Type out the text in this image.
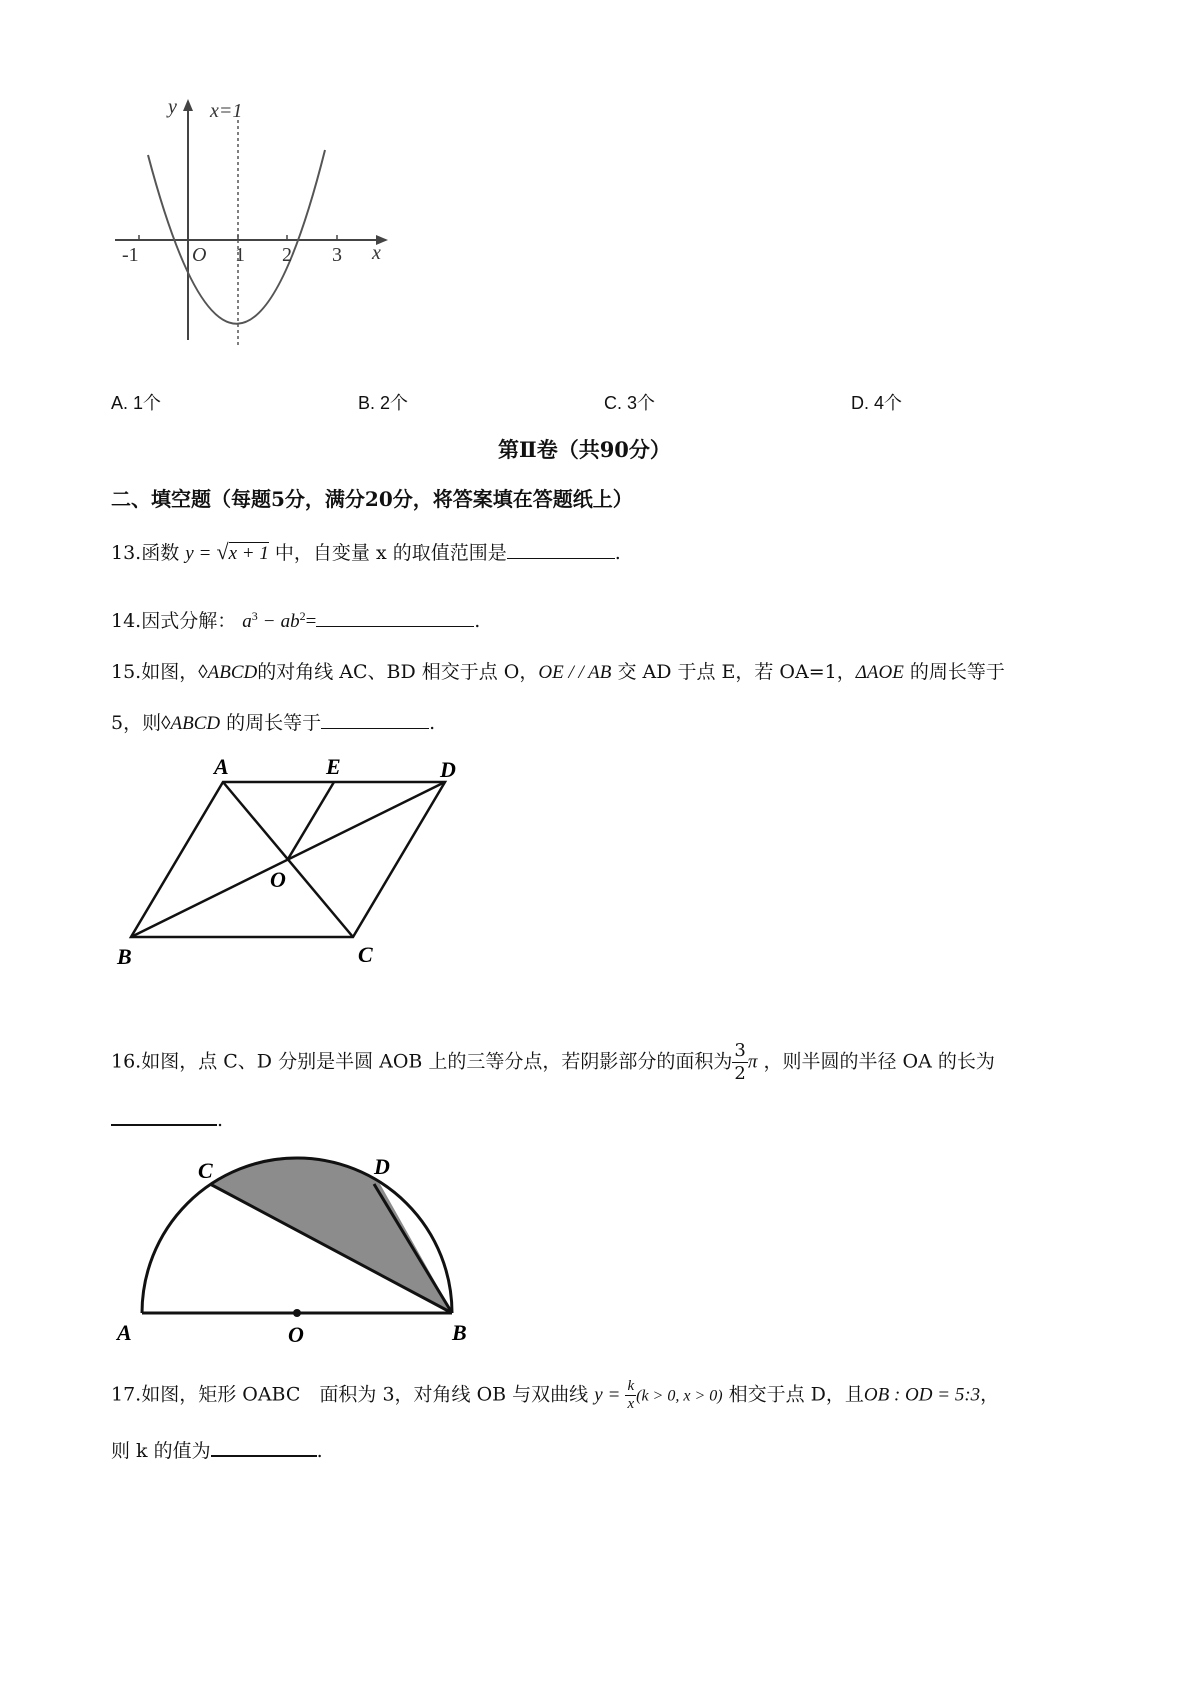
y x=1
x
O
-1	1 2 3
A. 1个	B. 2个	C. 3个	D. 4个
第Ⅱ卷（共90分）
二、填空题（每题5分，满分20分，将答案填在答题纸上）
13.函数 y = √x + 1 中，自变量 x 的取值范围是	.
14.因式分解： $a^3 - ab^2=$	.
15.如图，◊ABCD的对角线 AC、BD 相交于点 O，OE / / AB 交 AD 于点 E，若 OA=1，ΔAOE 的周长等于
5，则◊ABCD 的周长等于	.
A	E	D
O
B	C
16.如图，点 C、D 分别是半圆 AOB 上的三等分点，若阴影部分的面积为 $\frac{3}{2}$ π ，则半圆的半径 OA 的长为
.
C	D
A	O	B
17.如图，矩形 OABC　面积为 3，对角线 OB 与双曲线 $y = \frac{k}{x} (k > 0$, x > 0) 相交于点 D，且OB : OD = 5:3，
则 k 的值为	.
